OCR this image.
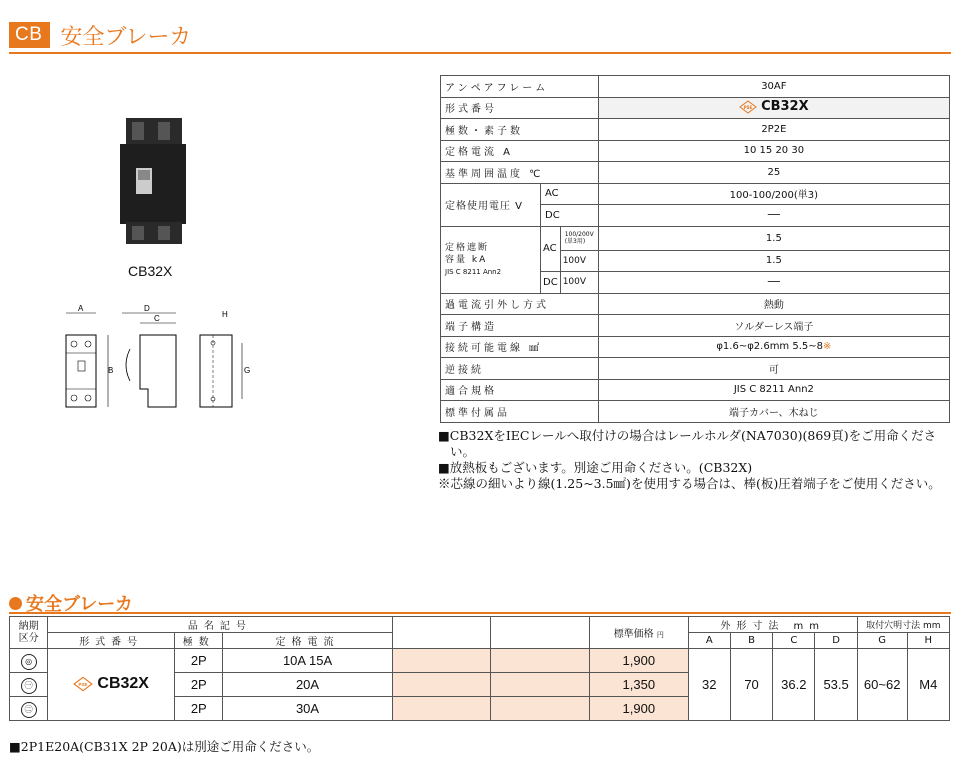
CB 安全ブレーカ
CB32X
A
B
D
C	H
G
アンペアフレーム			30AF
形式番号			PSE CB32X

極数・素子数			2P2E
定格電流 A			10 15 20 30
基準周囲温度 ℃			25
定格使用電圧 V	AC		100-100/200(単3)
	DC		──

定格遮断
容量 kA
JIS C 8211 Ann2	AC	100/200V (単3用)	1.5
		100V	1.5
	DC	100V	──
過電流引外し方式			熱動
端子構造			ソルダーレス端子
接続可能電線 ㎟			φ1.6~φ2.6mm 5.5~8※
逆接続			可
適合規格			JIS C 8211 Ann2
標準付属品			端子カバー、木ねじ

■CB32XをIECレールへ取付けの場合はレールホルダ(NA7030)(869頁)をご用命ください。

■放熱板もございます。別途ご用命ください。(CB32X)

※芯線の細いより線(1.25~3.5㎟)を使用する場合は、棒(板)圧着端子をご使用ください。

安全ブレーカ
納期
区分	品名記号					標準価格 円	外形寸法 mm				取付穴明寸法 mm	
	形式番号	極数	定格電流				A	B	C	D	G	H
◎	PSE CB32X	2P	10A 15A			1,900	32	70	36.2	53.5	60~62	M4
㊀		2P	20A			1,350						
㊁		2P	30A			1,900						
■2P1E20A(CB31X 2P 20A)は別途ご用命ください。
